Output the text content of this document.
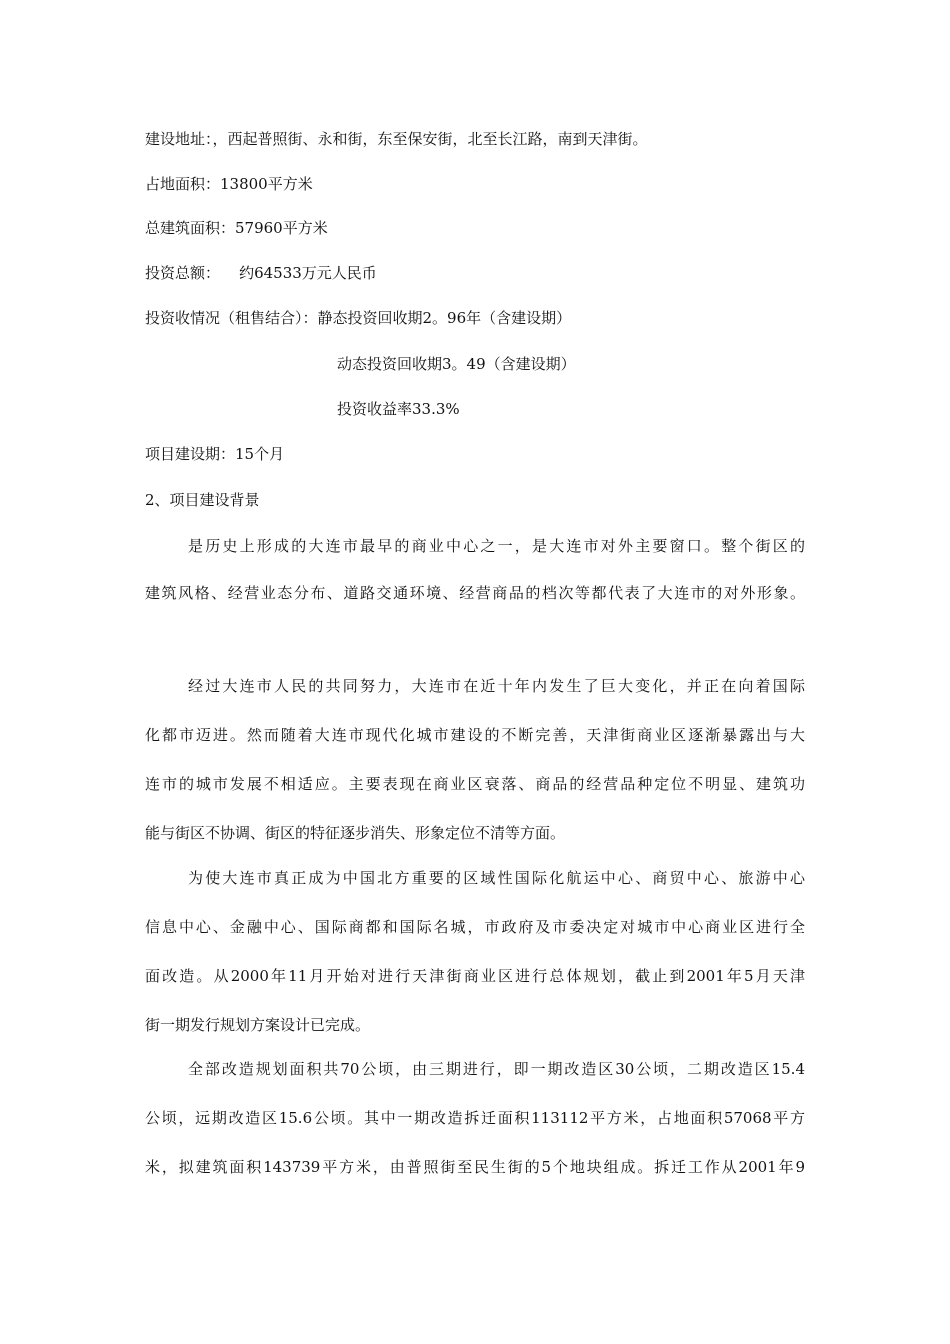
建设地址：，西起普照街、永和街，东至保安街，北至长江路，南到天津街。
占地面积：13800平方米
总建筑面积：57960平方米
投资总额：    约64533万元人民币
投资收情况（租售结合）：静态投资回收期2。96年（含建设期）
动态投资回收期3。49（含建设期）
投资收益率33.3%
项目建设期：15个月
2、项目建设背景
是历史上形成的大连市最早的商业中心之一，是大连市对外主要窗口。整个街区的
建筑风格、经营业态分布、道路交通环境、经营商品的档次等都代表了大连市的对外形象。
经过大连市人民的共同努力，大连市在近十年内发生了巨大变化，并正在向着国际
化都市迈进。然而随着大连市现代化城市建设的不断完善，天津街商业区逐渐暴露出与大
连市的城市发展不相适应。主要表现在商业区衰落、商品的经营品种定位不明显、建筑功
能与街区不协调、街区的特征逐步消失、形象定位不清等方面。
为使大连市真正成为中国北方重要的区域性国际化航运中心、商贸中心、旅游中心
信息中心、金融中心、国际商都和国际名城，市政府及市委决定对城市中心商业区进行全
面改造。从2000年11月开始对进行天津街商业区进行总体规划，截止到2001年5月天津
街一期发行规划方案设计已完成。
全部改造规划面积共70公顷，由三期进行，即一期改造区30公顷，二期改造区15.4
公顷，远期改造区15.6公顷。其中一期改造拆迁面积113112平方米，占地面积57068平方
米，拟建筑面积143739平方米，由普照街至民生街的5个地块组成。拆迁工作从2001年9
